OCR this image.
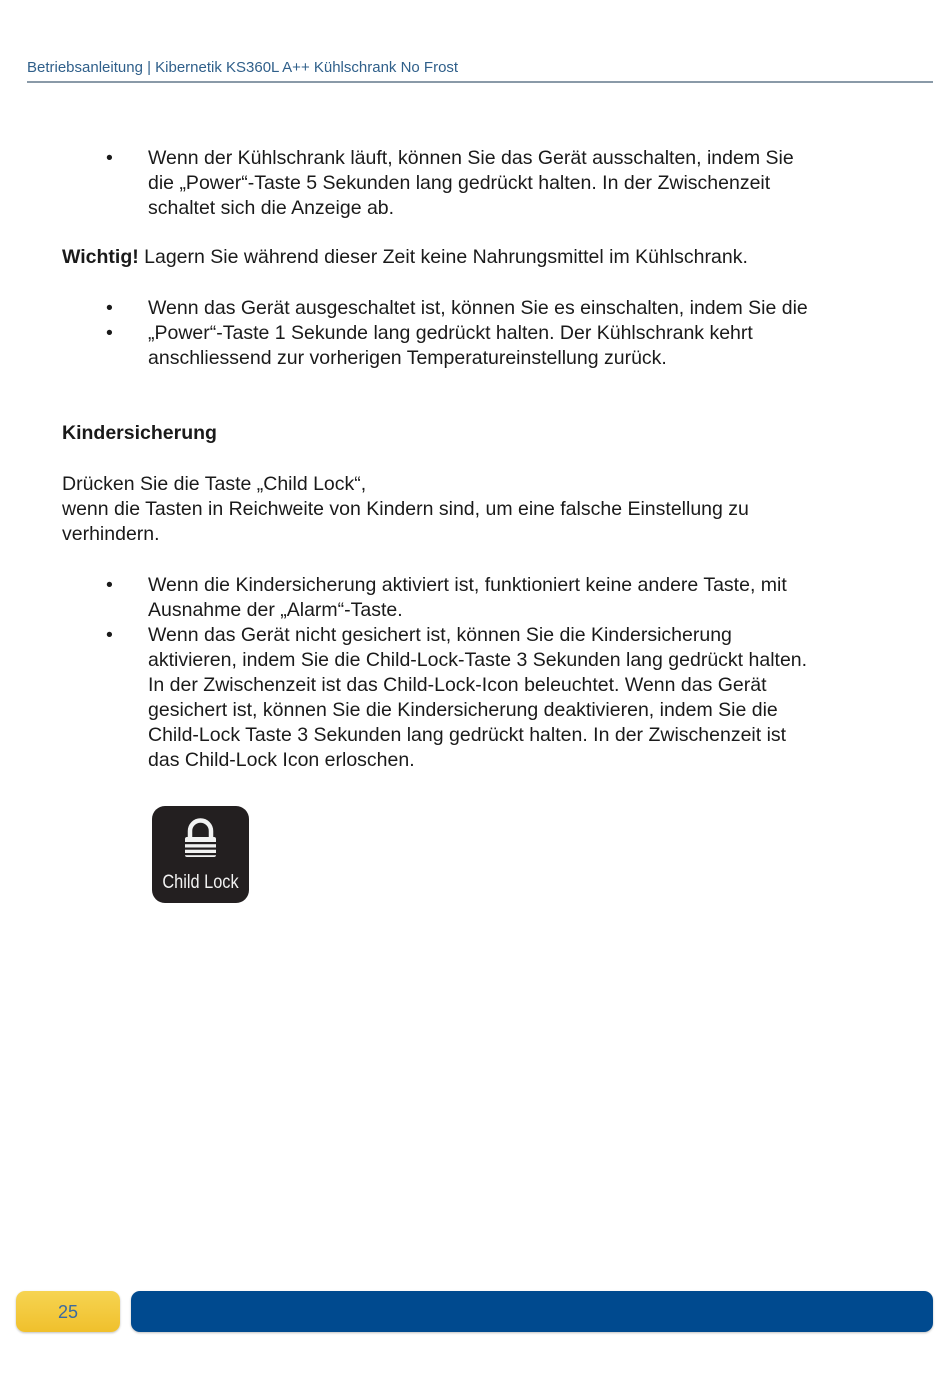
Betriebsanleitung | Kibernetik KS360L A++ Kühlschrank No Frost
• Wenn der Kühlschrank läuft, können Sie das Gerät ausschalten, indem Sie
die „Power“-Taste 5 Sekunden lang gedrückt halten. In der Zwischenzeit
schaltet sich die Anzeige ab.

Wichtig! Lagern Sie während dieser Zeit keine Nahrungsmittel im Kühlschrank.

• Wenn das Gerät ausgeschaltet ist, können Sie es einschalten, indem Sie die
• „Power“-Taste 1 Sekunde lang gedrückt halten. Der Kühlschrank kehrt
anschliessend zur vorherigen Temperatureinstellung zurück.

Kindersicherung

Drücken Sie die Taste „Child Lock“,
wenn die Tasten in Reichweite von Kindern sind, um eine falsche Einstellung zu
verhindern.
• Wenn die Kindersicherung aktiviert ist, funktioniert keine andere Taste, mit
Ausnahme der „Alarm“-Taste.
• Wenn das Gerät nicht gesichert ist, können Sie die Kindersicherung
aktivieren, indem Sie die Child-Lock-Taste 3 Sekunden lang gedrückt halten.
In der Zwischenzeit ist das Child-Lock-Icon beleuchtet. Wenn das Gerät
gesichert ist, können Sie die Kindersicherung deaktivieren, indem Sie die
Child-Lock Taste 3 Sekunden lang gedrückt halten. In der Zwischenzeit ist
das Child-Lock Icon erloschen.
Child Lock
25
